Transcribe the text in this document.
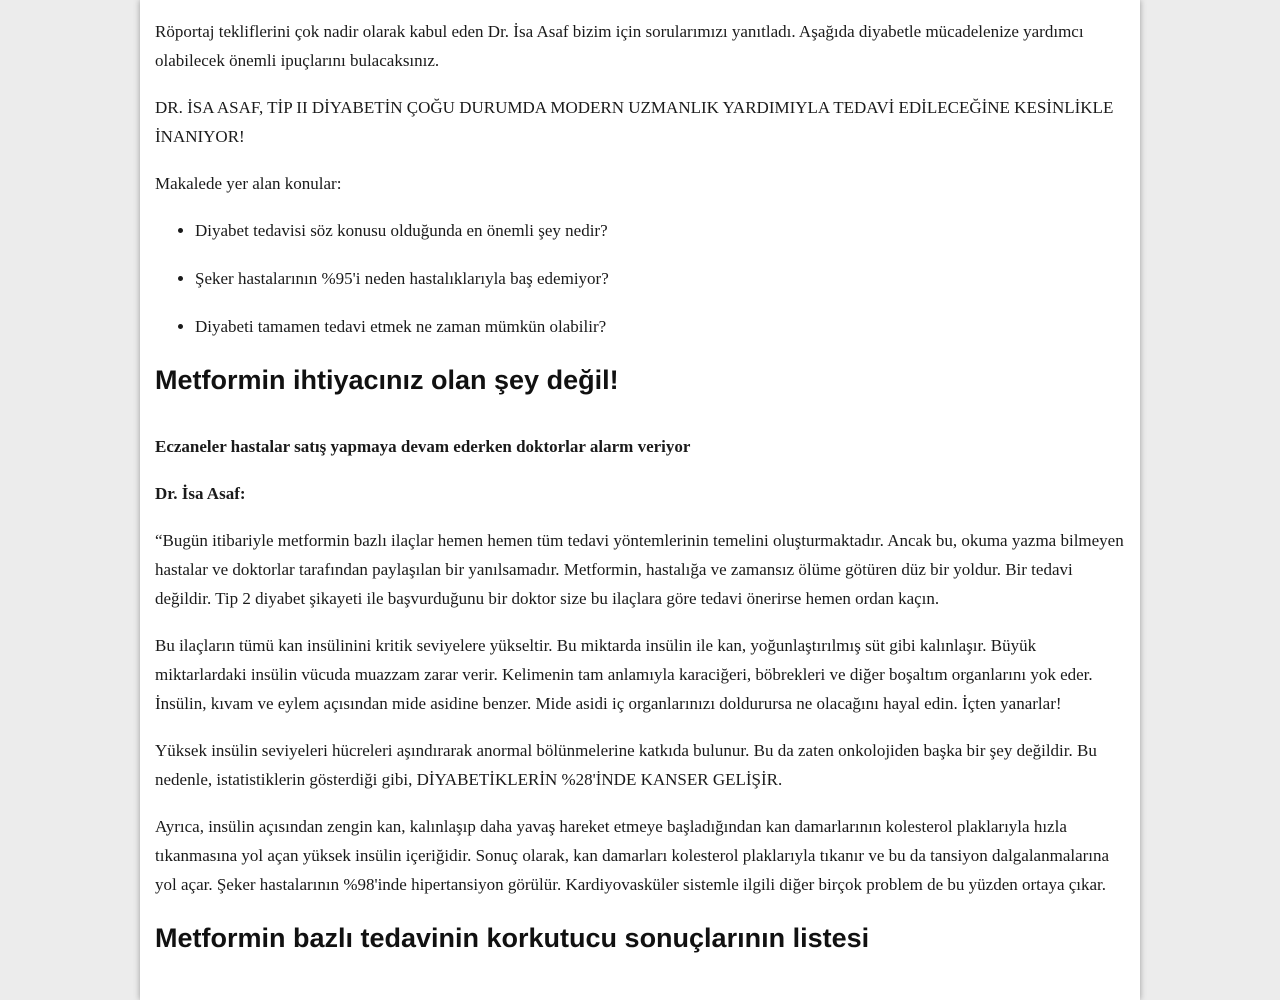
Röportaj tekliflerini çok nadir olarak kabul eden Dr. İsa Asaf bizim için sorularımızı yanıtladı. Aşağıda diyabetle mücadelenize yardımcı olabilecek önemli ipuçlarını bulacaksınız.

DR. İSA ASAF, TİP II DİYABETİN ÇOĞU DURUMDA MODERN UZMANLIK YARDIMIYLA TEDAVİ EDİLECEĞİNE KESİNLİKLE İNANIYOR!

Makalede yer alan konular:

• Diyabet tedavisi söz konusu olduğunda en önemli şey nedir?
• Şeker hastalarının %95'i neden hastalıklarıyla baş edemiyor?
• Diyabeti tamamen tedavi etmek ne zaman mümkün olabilir?
Metformin ihtiyacınız olan şey değil!

Eczaneler hastalar satış yapmaya devam ederken doktorlar alarm veriyor

Dr. İsa Asaf:

“Bugün itibariyle metformin bazlı ilaçlar hemen hemen tüm tedavi yöntemlerinin temelini oluşturmaktadır. Ancak bu, okuma yazma bilmeyen hastalar ve doktorlar tarafından paylaşılan bir yanılsamadır. Metformin, hastalığa ve zamansız ölüme götüren düz bir yoldur. Bir tedavi değildir. Tip 2 diyabet şikayeti ile başvurduğunu bir doktor size bu ilaçlara göre tedavi önerirse hemen ordan kaçın.

Bu ilaçların tümü kan insülinini kritik seviyelere yükseltir. Bu miktarda insülin ile kan, yoğunlaştırılmış süt gibi kalınlaşır. Büyük miktarlardaki insülin vücuda muazzam zarar verir. Kelimenin tam anlamıyla karaciğeri, böbrekleri ve diğer boşaltım organlarını yok eder. İnsülin, kıvam ve eylem açısından mide asidine benzer. Mide asidi iç organlarınızı doldurursa ne olacağını hayal edin. İçten yanarlar!

Yüksek insülin seviyeleri hücreleri aşındırarak anormal bölünmelerine katkıda bulunur. Bu da zaten onkolojiden başka bir şey değildir. Bu nedenle, istatistiklerin gösterdiği gibi, DİYABETİKLERİN %28'İNDE KANSER GELİŞİR.

Ayrıca, insülin açısından zengin kan, kalınlaşıp daha yavaş hareket etmeye başladığından kan damarlarının kolesterol plaklarıyla hızla tıkanmasına yol açan yüksek insülin içeriğidir. Sonuç olarak, kan damarları kolesterol plaklarıyla tıkanır ve bu da tansiyon dalgalanmalarına yol açar. Şeker hastalarının %98'inde hipertansiyon görülür. Kardiyovasküler sistemle ilgili diğer birçok problem de bu yüzden ortaya çıkar.

Metformin bazlı tedavinin korkutucu sonuçlarının listesi
